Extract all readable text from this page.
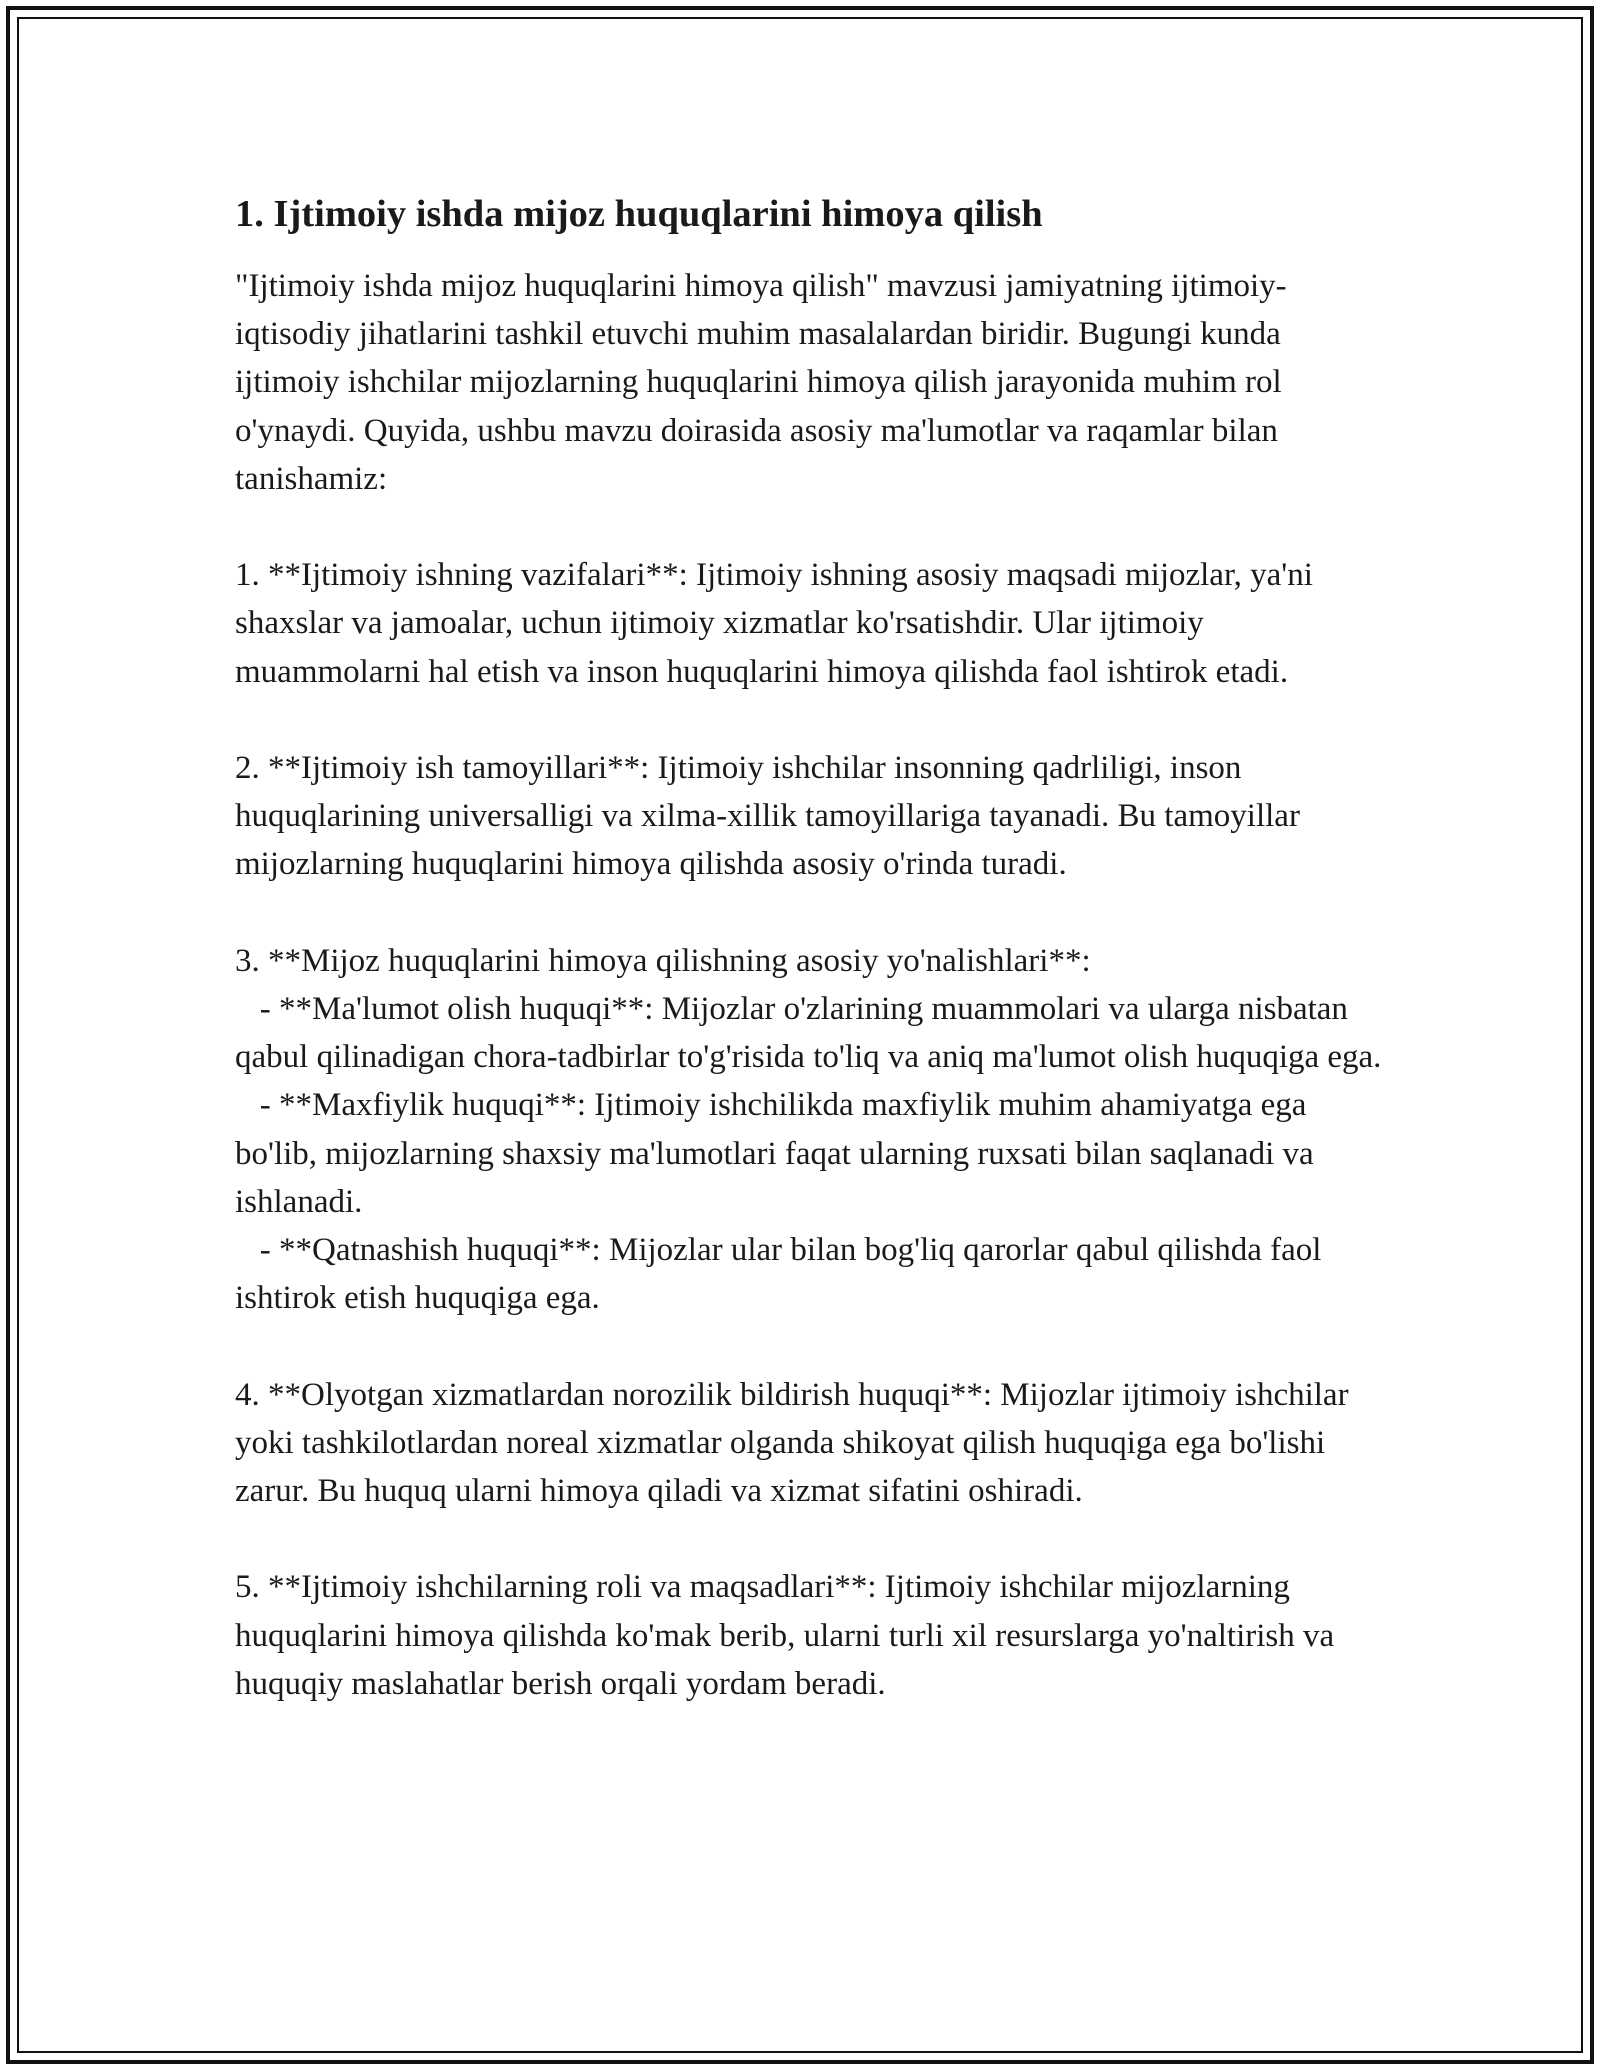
1. Ijtimoiy ishda mijoz huquqlarini himoya qilish

"Ijtimoiy ishda mijoz huquqlarini himoya qilish" mavzusi jamiyatning ijtimoiy-iqtisodiy jihatlarini tashkil etuvchi muhim masalalardan biridir. Bugungi kunda ijtimoiy ishchilar mijozlarning huquqlarini himoya qilish jarayonida muhim rol o'ynaydi. Quyida, ushbu mavzu doirasida asosiy ma'lumotlar va raqamlar bilan tanishamiz:

1. **Ijtimoiy ishning vazifalari**: Ijtimoiy ishning asosiy maqsadi mijozlar, ya'ni shaxslar va jamoalar, uchun ijtimoiy xizmatlar ko'rsatishdir. Ular ijtimoiy muammolarni hal etish va inson huquqlarini himoya qilishda faol ishtirok etadi.

2. **Ijtimoiy ish tamoyillari**: Ijtimoiy ishchilar insonning qadrliligi, inson huquqlarining universalligi va xilma-xillik tamoyillariga tayanadi. Bu tamoyillar mijozlarning huquqlarini himoya qilishda asosiy o'rinda turadi.

3. **Mijoz huquqlarini himoya qilishning asosiy yo'nalishlari**:

- **Ma'lumot olish huquqi**: Mijozlar o'zlarining muammolari va ularga nisbatan qabul qilinadigan chora-tadbirlar to'g'risida to'liq va aniq ma'lumot olish huquqiga ega.

- **Maxfiylik huquqi**: Ijtimoiy ishchilikda maxfiylik muhim ahamiyatga ega bo'lib, mijozlarning shaxsiy ma'lumotlari faqat ularning ruxsati bilan saqlanadi va ishlanadi.

- **Qatnashish huquqi**: Mijozlar ular bilan bog'liq qarorlar qabul qilishda faol ishtirok etish huquqiga ega.

4. **Olyotgan xizmatlardan norozilik bildirish huquqi**: Mijozlar ijtimoiy ishchilar yoki tashkilotlardan noreal xizmatlar olganda shikoyat qilish huquqiga ega bo'lishi zarur. Bu huquq ularni himoya qiladi va xizmat sifatini oshiradi.

5. **Ijtimoiy ishchilarning roli va maqsadlari**: Ijtimoiy ishchilar mijozlarning huquqlarini himoya qilishda ko'mak berib, ularni turli xil resurslarga yo'naltirish va huquqiy maslahatlar berish orqali yordam beradi.
